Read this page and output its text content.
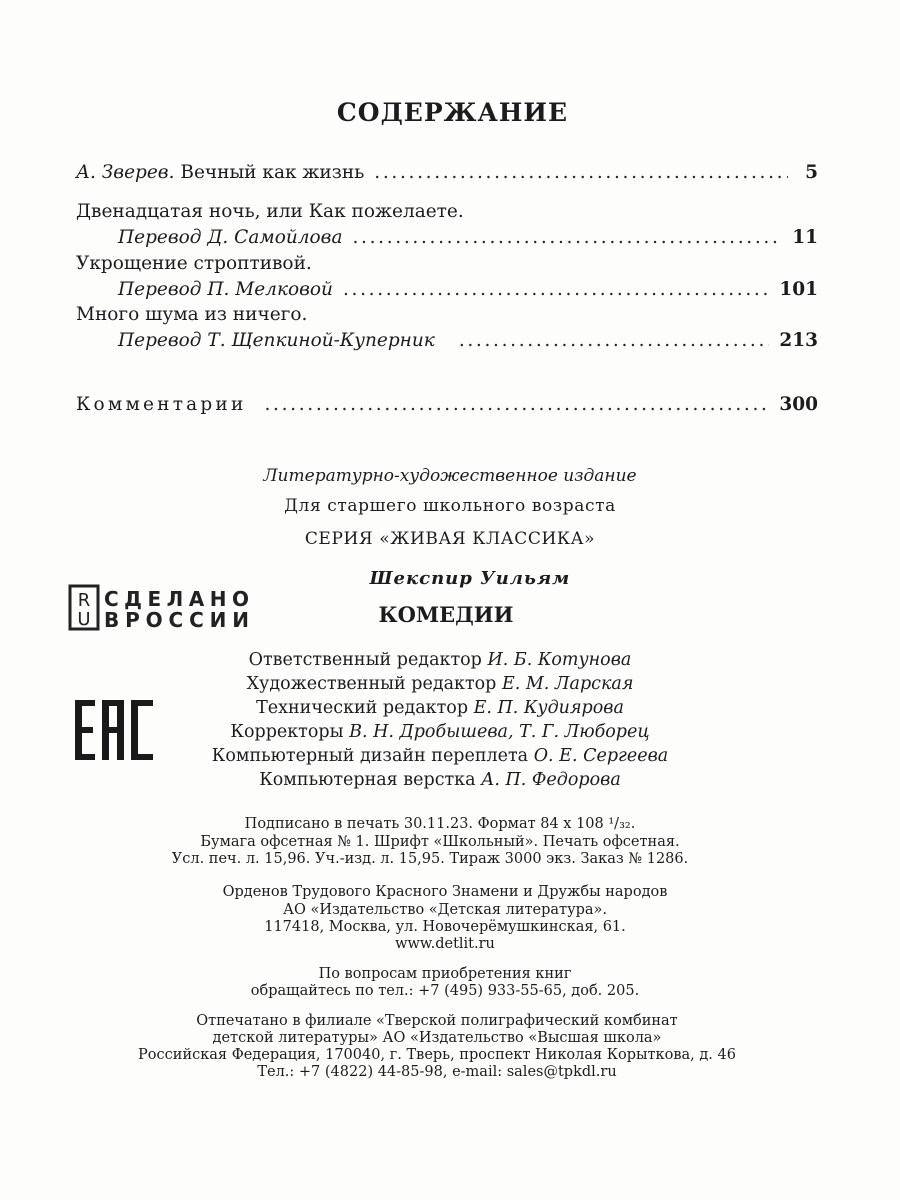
СОДЕРЖАНИЕ
А. Зверев. Вечный как жизнь . . .	5
Двенадцатая ночь, или Как пожелаете.
Перевод Д. Самойлова . . .	11
Укрощение строптивой.
Перевод П. Мелковой . . .	101
Много шума из ничего.
Перевод Т. Щепкиной-Куперник . . .	213
Комментарии . . .	300
Литературно-художественное издание
Для старшего школьного возраста
СЕРИЯ «ЖИВАЯ КЛАССИКА»
Шекспир Уильям
КОМЕДИИ
Ответственный редактор И. Б. Котунова
Художественный редактор Е. М. Ларская
Технический редактор Е. П. Кудиярова
Корректоры В. Н. Дробышева, Т. Г. Люборец
Компьютерный дизайн переплета О. Е. Сергеева
Компьютерная верстка А. П. Федорова
Подписано в печать 30.11.23. Формат 84 x 108 ¹/₃₂.
Бумага офсетная № 1. Шрифт «Школьный». Печать офсетная.
Усл. печ. л. 15,96. Уч.-изд. л. 15,95. Тираж 3000 экз. Заказ № 1286.
Орденов Трудового Красного Знамени и Дружбы народов
АО «Издательство «Детская литература».
117418, Москва, ул. Новочерёмушкинская, 61.
www.detlit.ru
По вопросам приобретения книг
обращайтесь по тел.: +7 (495) 933-55-65, доб. 205.
Отпечатано в филиале «Тверской полиграфический комбинат
детской литературы» АО «Издательство «Высшая школа»
Российская Федерация, 170040, г. Тверь, проспект Николая Корыткова, д. 46
Тел.: +7 (4822) 44-85-98, e-mail: sales@tpkdl.ru
R
U
СДЕЛАНО
ВРОССИИ
